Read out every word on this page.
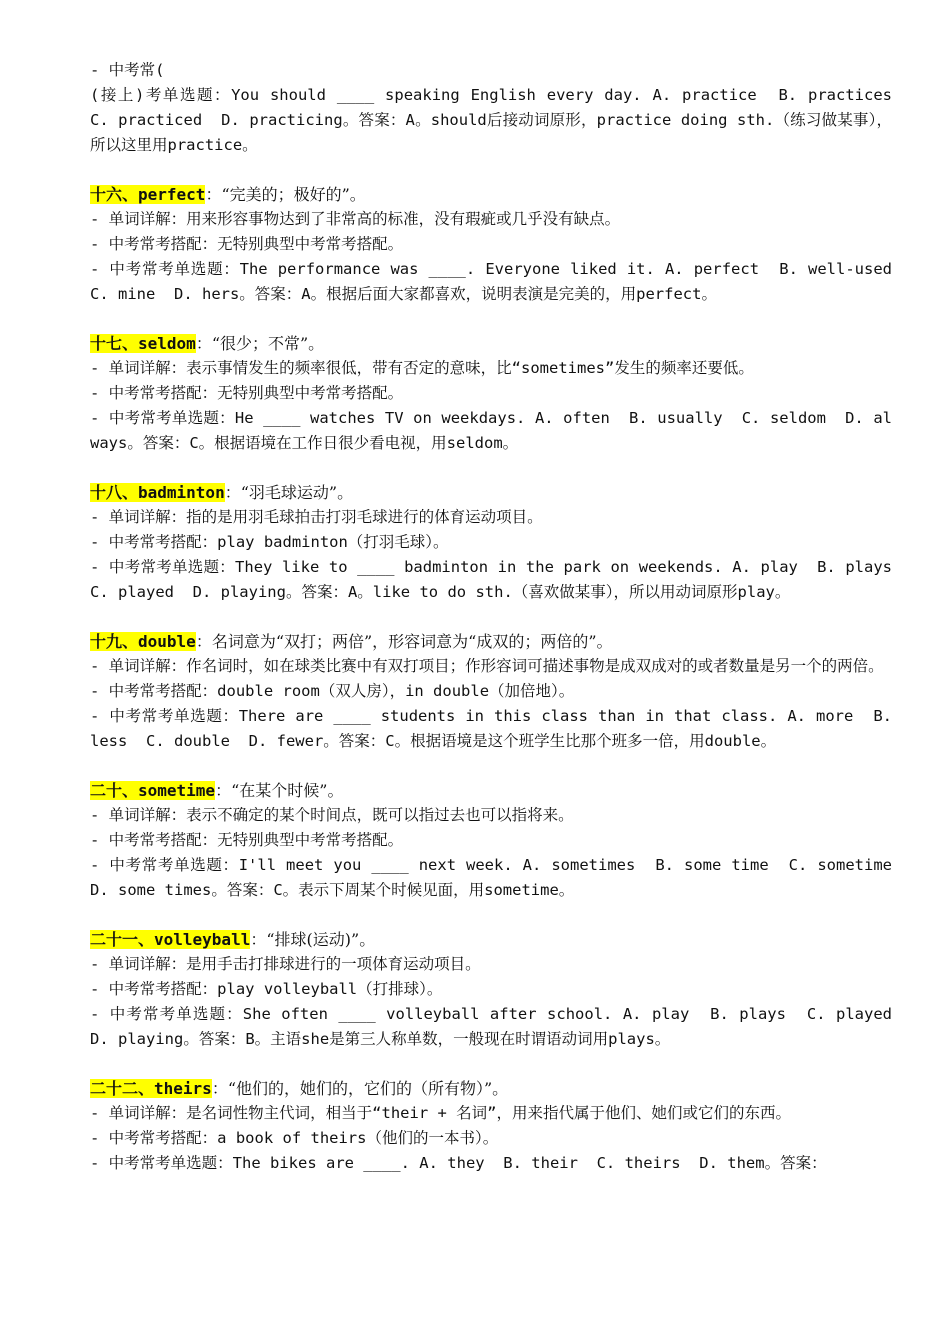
- 中考常(

(接上)考单选题：You should ____ speaking English every day. A. practice  B. practices  C. practiced  D. practicing。答案：A。should后接动词原形，practice doing sth.（练习做某事），所以这里用practice。

十六、perfect：“完美的；极好的”。

- 单词详解：用来形容事物达到了非常高的标准，没有瑕疵或几乎没有缺点。

- 中考常考搭配：无特别典型中考常考搭配。

- 中考常考单选题：The performance was ____. Everyone liked it. A. perfect  B. well-used  C. mine  D. hers。答案：A。根据后面大家都喜欢，说明表演是完美的，用perfect。

十七、seldom：“很少；不常”。

- 单词详解：表示事情发生的频率很低，带有否定的意味，比“sometimes”发生的频率还要低。

- 中考常考搭配：无特别典型中考常考搭配。

- 中考常考单选题：He ____ watches TV on weekdays. A. often  B. usually  C. seldom  D. always。答案：C。根据语境在工作日很少看电视，用seldom。

十八、badminton：“羽毛球运动”。

- 单词详解：指的是用羽毛球拍击打羽毛球进行的体育运动项目。

- 中考常考搭配：play badminton（打羽毛球）。

- 中考常考单选题：They like to ____ badminton in the park on weekends. A. play  B. plays  C. played  D. playing。答案：A。like to do sth.（喜欢做某事），所以用动词原形play。

十九、double：名词意为“双打；两倍”，形容词意为“成双的；两倍的”。

- 单词详解：作名词时，如在球类比赛中有双打项目；作形容词可描述事物是成双成对的或者数量是另一个的两倍。

- 中考常考搭配：double room（双人房），in double（加倍地）。

- 中考常考单选题：There are ____ students in this class than in that class. A. more  B. less  C. double  D. fewer。答案：C。根据语境是这个班学生比那个班多一倍，用double。

二十、sometime：“在某个时候”。

- 单词详解：表示不确定的某个时间点，既可以指过去也可以指将来。

- 中考常考搭配：无特别典型中考常考搭配。

- 中考常考单选题：I'll meet you ____ next week. A. sometimes  B. some time  C. sometime  D. some times。答案：C。表示下周某个时候见面，用sometime。

二十一、volleyball：“排球(运动)”。

- 单词详解：是用手击打排球进行的一项体育运动项目。

- 中考常考搭配：play volleyball（打排球）。

- 中考常考单选题：She often ____ volleyball after school. A. play  B. plays  C. played  D. playing。答案：B。主语she是第三人称单数，一般现在时谓语动词用plays。

二十二、theirs：“他们的，她们的，它们的（所有物）”。

- 单词详解：是名词性物主代词，相当于“their + 名词”，用来指代属于他们、她们或它们的东西。

- 中考常考搭配：a book of theirs（他们的一本书）。

- 中考常考单选题：The bikes are ____. A. they  B. their  C. theirs  D. them。答案：
